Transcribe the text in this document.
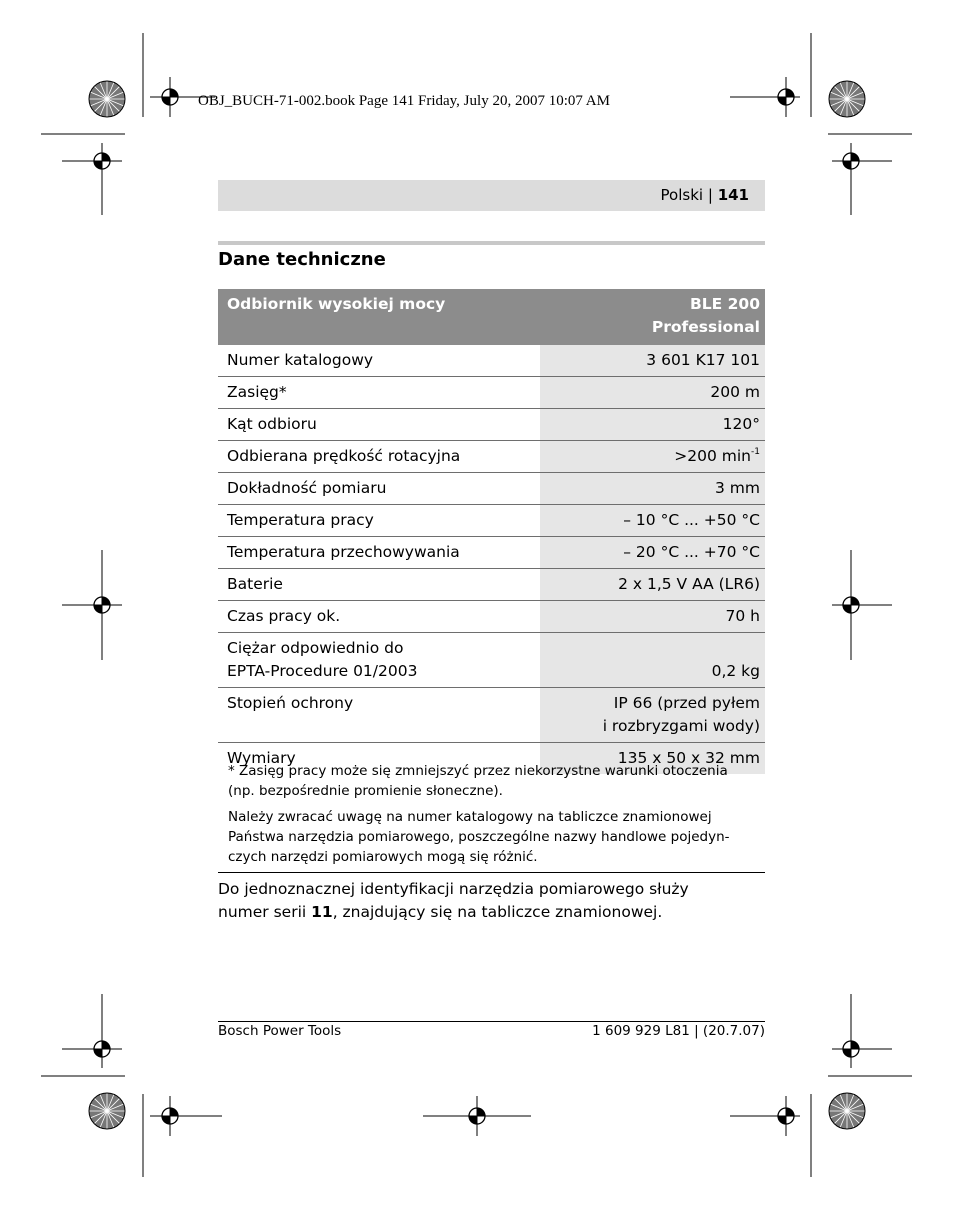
OBJ_BUCH-71-002.book Page 141 Friday, July 20, 2007 10:07 AM
Polski | 141
Dane techniczne
Odbiornik wysokiej mocy	BLE 200
Professional
Numer katalogowy	3 601 K17 101
Zasięg*	200 m
Kąt odbioru	120°
Odbierana prędkość rotacyjna	>200 $\min^{-1}$
Dokładność pomiaru	3 mm
Temperatura pracy	– 10 °C ... +50 °C
Temperatura przechowywania	– 20 °C ... +70 °C
Baterie	2 x 1,5 V AA (LR6)
Czas pracy ok.	70 h
Ciężar odpowiednio do
EPTA-Procedure 01/2003	0,2 kg
Stopień ochrony	IP 66 (przed pyłem
i rozbryzgami wody)
Wymiary	135 x 50 x 32 mm
* Zasięg pracy może się zmniejszyć przez niekorzystne warunki otoczenia
(np. bezpośrednie promienie słoneczne).
Należy zwracać uwagę na numer katalogowy na tabliczce znamionowej
Państwa narzędzia pomiarowego, poszczególne nazwy handlowe pojedyn-
czych narzędzi pomiarowych mogą się różnić.
Do jednoznacznej identyfikacji narzędzia pomiarowego służy
numer serii 11, znajdujący się na tabliczce znamionowej.
Bosch Power Tools	1 609 929 L81 | (20.7.07)
